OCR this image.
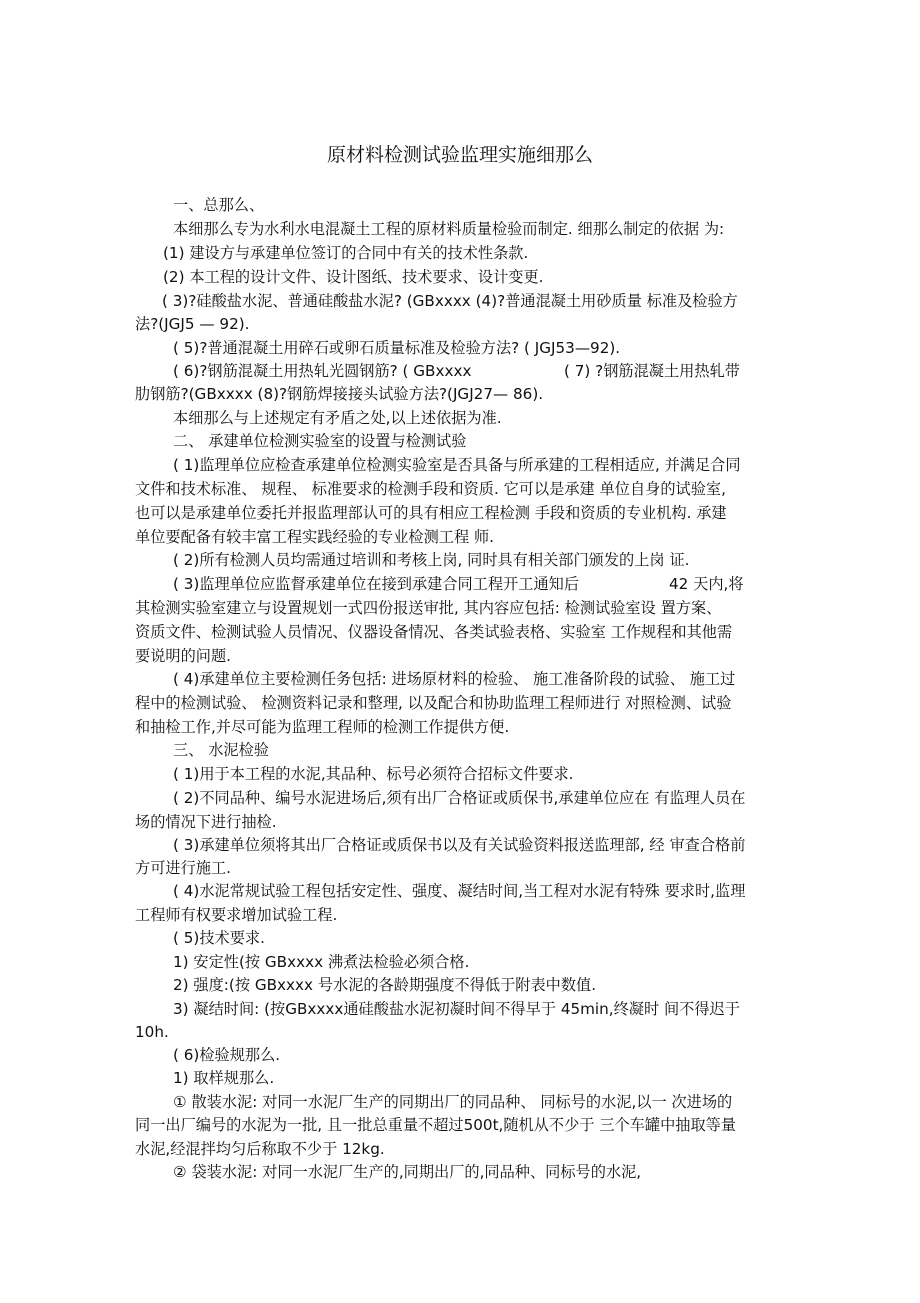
原材料检测试验监理实施细那么
一、总那么、
本细那么专为水利水电混凝土工程的原材料质量检验而制定. 细那么制定的依据 为:
(1) 建设方与承建单位签订的合同中有关的技术性条款.
(2) 本工程的设计文件、设计图纸、技术要求、设计变更.
( 3)?硅酸盐水泥、普通硅酸盐水泥? (GBxxxx (4)?普通混凝土用砂质量 标准及检验方
法?(JGJ5 — 92).
( 5)?普通混凝土用碎石或卵石质量标准及检验方法? ( JGJ53—92).
( 6)?钢筋混凝土用热轧光圆钢筋? ( GBxxxx	( 7) ?钢筋混凝土用热轧带
肋钢筋?(GBxxxx (8)?钢筋焊接接头试验方法?(JGJ27— 86).
本细那么与上述规定有矛盾之处,以上述依据为准.
二、 承建单位检测实验室的设置与检测试验
( 1)监理单位应检查承建单位检测实验室是否具备与所承建的工程相适应, 并满足合同
文件和技术标准、 规程、 标准要求的检测手段和资质. 它可以是承建 单位自身的试验室,
也可以是承建单位委托并报监理部认可的具有相应工程检测 手段和资质的专业机构. 承建
单位要配备有较丰富工程实践经验的专业检测工程 师.
( 2)所有检测人员均需通过培训和考核上岗, 同时具有相关部门颁发的上岗 证.
( 3)监理单位应监督承建单位在接到承建合同工程开工通知后	42 天内,将
其检测实验室建立与设置规划一式四份报送审批, 其内容应包括: 检测试验室设 置方案、
资质文件、检测试验人员情况、仪器设备情况、各类试验表格、实验室 工作规程和其他需
要说明的问题.
( 4)承建单位主要检测任务包括: 进场原材料的检验、 施工准备阶段的试验、 施工过
程中的检测试验、 检测资料记录和整理, 以及配合和协助监理工程师进行 对照检测、试验
和抽检工作,并尽可能为监理工程师的检测工作提供方便.
三、 水泥检验
( 1)用于本工程的水泥,其品种、标号必须符合招标文件要求.
( 2)不同品种、编号水泥进场后,须有出厂合格证或质保书,承建单位应在 有监理人员在
场的情况下进行抽检.
( 3)承建单位须将其出厂合格证或质保书以及有关试验资料报送监理部, 经 审查合格前
方可进行施工.
( 4)水泥常规试验工程包括安定性、强度、凝结时间,当工程对水泥有特殊 要求时,监理
工程师有权要求增加试验工程.
( 5)技术要求.
1) 安定性(按 GBxxxx 沸煮法检验必须合格.
2) 强度:(按 GBxxxx 号水泥的各龄期强度不得低于附表中数值.
3) 凝结时间: (按GBxxxx通硅酸盐水泥初凝时间不得早于 45min,终凝时 间不得迟于
10h.
( 6)检验规那么.
1) 取样规那么.
① 散装水泥: 对同一水泥厂生产的同期出厂的同品种、 同标号的水泥,以一 次进场的
同一出厂编号的水泥为一批, 且一批总重量不超过500t,随机从不少于 三个车罐中抽取等量
水泥,经混拌均匀后称取不少于 12kg.
② 袋装水泥: 对同一水泥厂生产的,同期出厂的,同品种、同标号的水泥,
